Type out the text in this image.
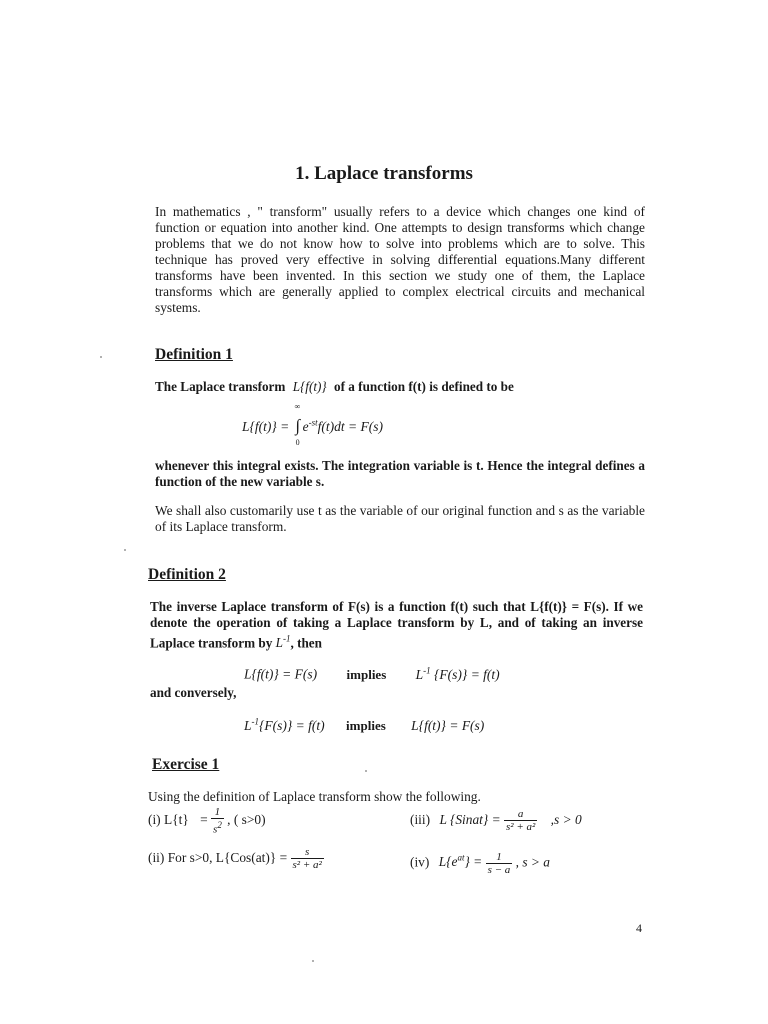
1. Laplace transforms
In mathematics , " transform" usually refers to a device which changes one kind of function or equation into another kind. One attempts to design transforms which change problems that we do not know how to solve into problems which are to solve. This technique has proved very effective in solving differential equations.Many different transforms have been invented. In this section we study one of them, the Laplace transforms which are generally applied to complex electrical circuits and mechanical systems.
Definition 1
The Laplace transform L{f(t)} of a function f(t) is defined to be
L{f(t)} =
∞
∫
0
$e^{-st}f(t)dt = F(s)$
whenever this integral exists. The integration variable is t. Hence the integral defines a function of the new variable s.
We shall also customarily use t as the variable of our original function and s as the variable of its Laplace transform.
Definition 2
The inverse Laplace transform of F(s) is a function f(t) such that L{f(t)} = F(s). If we denote the operation of taking a Laplace transform by L, and of taking an inverse Laplace transform by $L^{-1}$, then
L{f(t)} = F(s) implies $L^{-1}$ {F(s)} = f(t)
and conversely,
$L^{-1}\{F(s)\} = f(t)$ implies L{f(t)} = F(s)
Exercise 1
Using the definition of Laplace transform show the following.
(i) $L\{t\} = \frac{1}{s^2}$ , ( s>0)	(iii) L {Sinat} = $\frac{a}{\text{s² + a²}} ,s > 0$
(ii) For s>0, $L\{Cos(at)\} = \frac{s}{\text{s² + a²}}$	(iv) $L\{e^{at}\} = \frac{1}{s - a}$ , s > a
4
